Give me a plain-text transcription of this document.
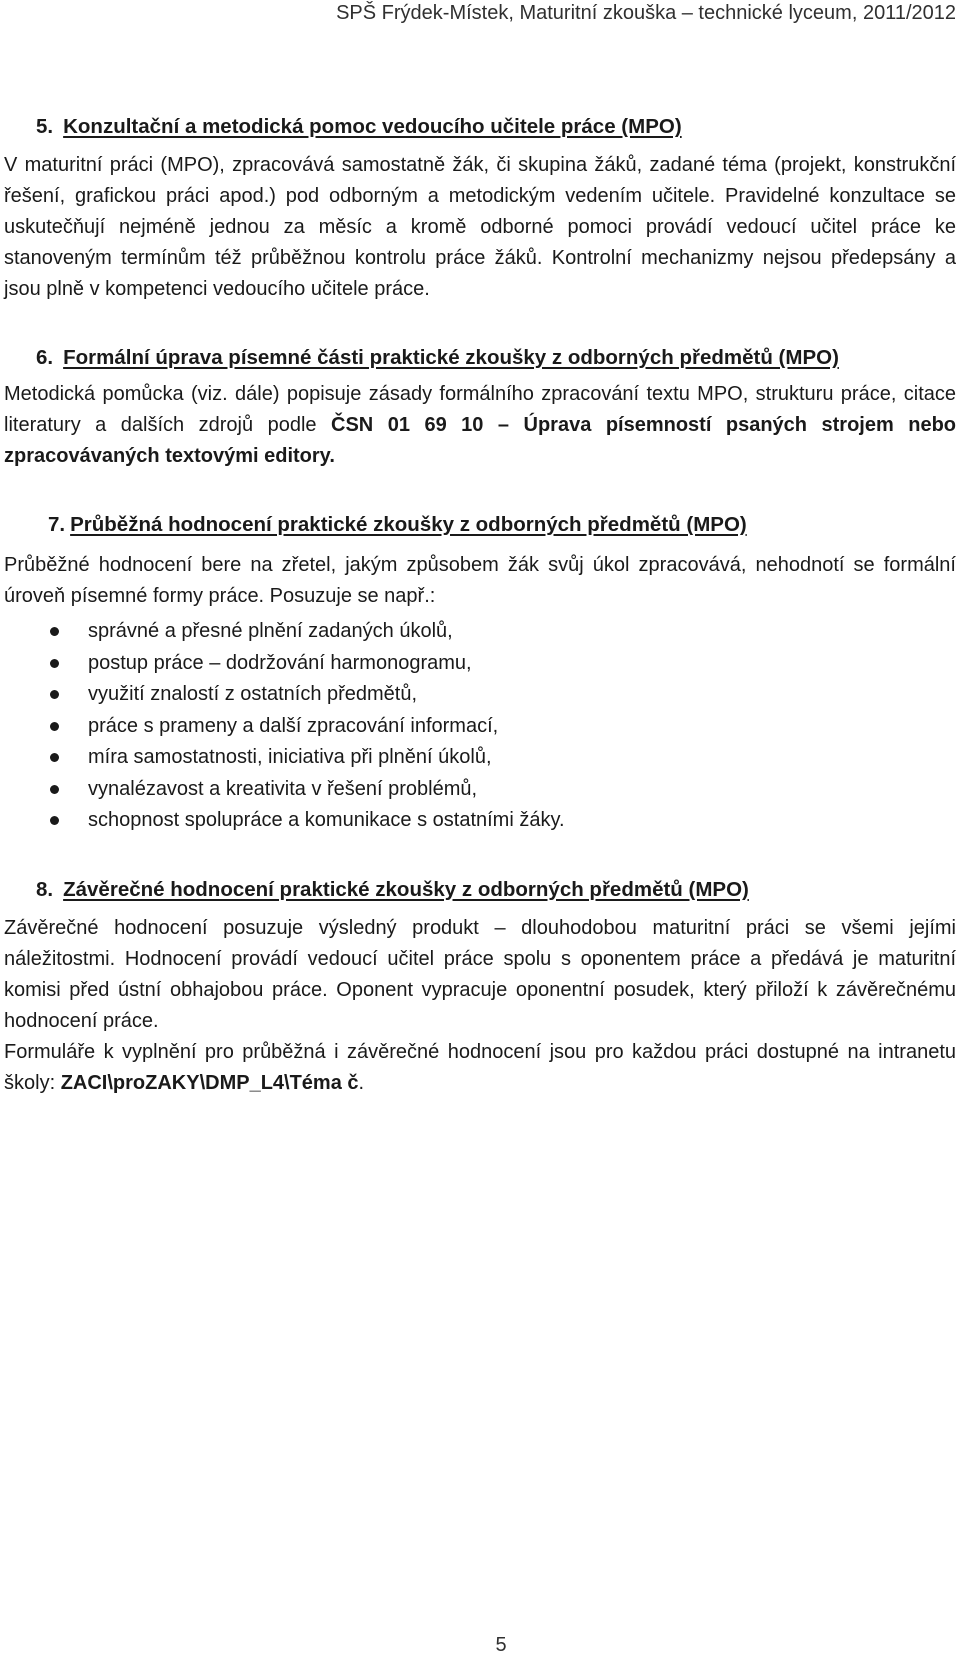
SPŠ Frýdek-Místek, Maturitní zkouška – technické lyceum, 2011/2012
5. Konzultační a metodická pomoc vedoucího učitele práce (MPO)

V maturitní práci (MPO), zpracovává samostatně žák, či skupina žáků, zadané téma (projekt, konstrukční řešení, grafickou práci apod.) pod odborným a metodickým vedením učitele. Pravidelné konzultace se uskutečňují nejméně jednou za měsíc a kromě odborné pomoci provádí vedoucí učitel práce ke stanoveným termínům též průběžnou kontrolu práce žáků. Kontrolní mechanizmy nejsou předepsány a jsou plně v kompetenci vedoucího učitele práce.

6. Formální úprava písemné části praktické zkoušky z odborných předmětů (MPO)

Metodická pomůcka (viz. dále) popisuje zásady formálního zpracování textu MPO, strukturu práce, citace literatury a dalších zdrojů podle ČSN 01 69 10 – Úprava písemností psaných strojem nebo zpracovávaných textovými editory.

7. Průběžná hodnocení praktické zkoušky z odborných předmětů (MPO)

Průběžné hodnocení bere na zřetel, jakým způsobem žák svůj úkol zpracovává, nehodnotí se formální úroveň písemné formy práce. Posuzuje se např.:

správné a přesné plnění zadaných úkolů,
postup práce – dodržování harmonogramu,
využití znalostí z ostatních předmětů,
práce s prameny a další zpracování informací,
míra samostatnosti, iniciativa při plnění úkolů,
vynalézavost a kreativita v řešení problémů,
schopnost spolupráce a komunikace s ostatními žáky.
8. Závěrečné hodnocení praktické zkoušky z odborných předmětů (MPO)

Závěrečné hodnocení posuzuje výsledný produkt – dlouhodobou maturitní práci se všemi jejími náležitostmi. Hodnocení provádí vedoucí učitel práce spolu s oponentem práce a předává je maturitní komisi před ústní obhajobou práce. Oponent vypracuje oponentní posudek, který přiloží k závěrečnému hodnocení práce.

Formuláře k vyplnění pro průběžná i závěrečné hodnocení jsou pro každou práci dostupné na intranetu školy: ZACI\proZAKY\DMP_L4\Téma č.

5
